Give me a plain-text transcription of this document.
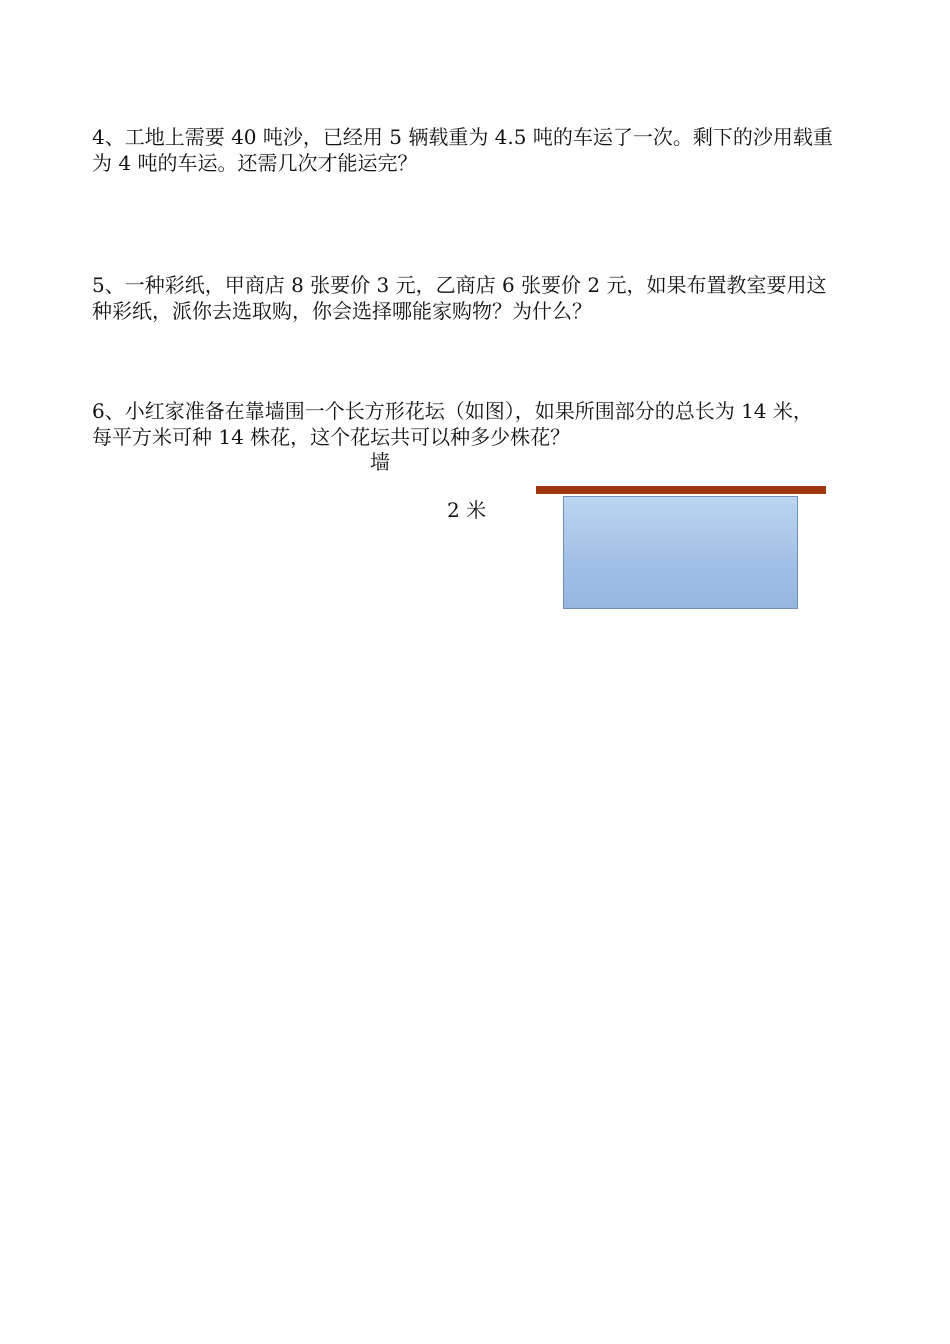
4、工地上需要 40 吨沙，已经用 5 辆载重为 4.5 吨的车运了一次。剩下的沙用载重
为 4 吨的车运。还需几次才能运完？
5、一种彩纸，甲商店 8 张要价 3 元，乙商店 6 张要价 2 元，如果布置教室要用这
种彩纸，派你去选取购，你会选择哪能家购物？为什么？
6、小红家准备在靠墙围一个长方形花坛（如图），如果所围部分的总长为 14 米，
每平方米可种 14 株花，这个花坛共可以种多少株花？
墙
2 米
